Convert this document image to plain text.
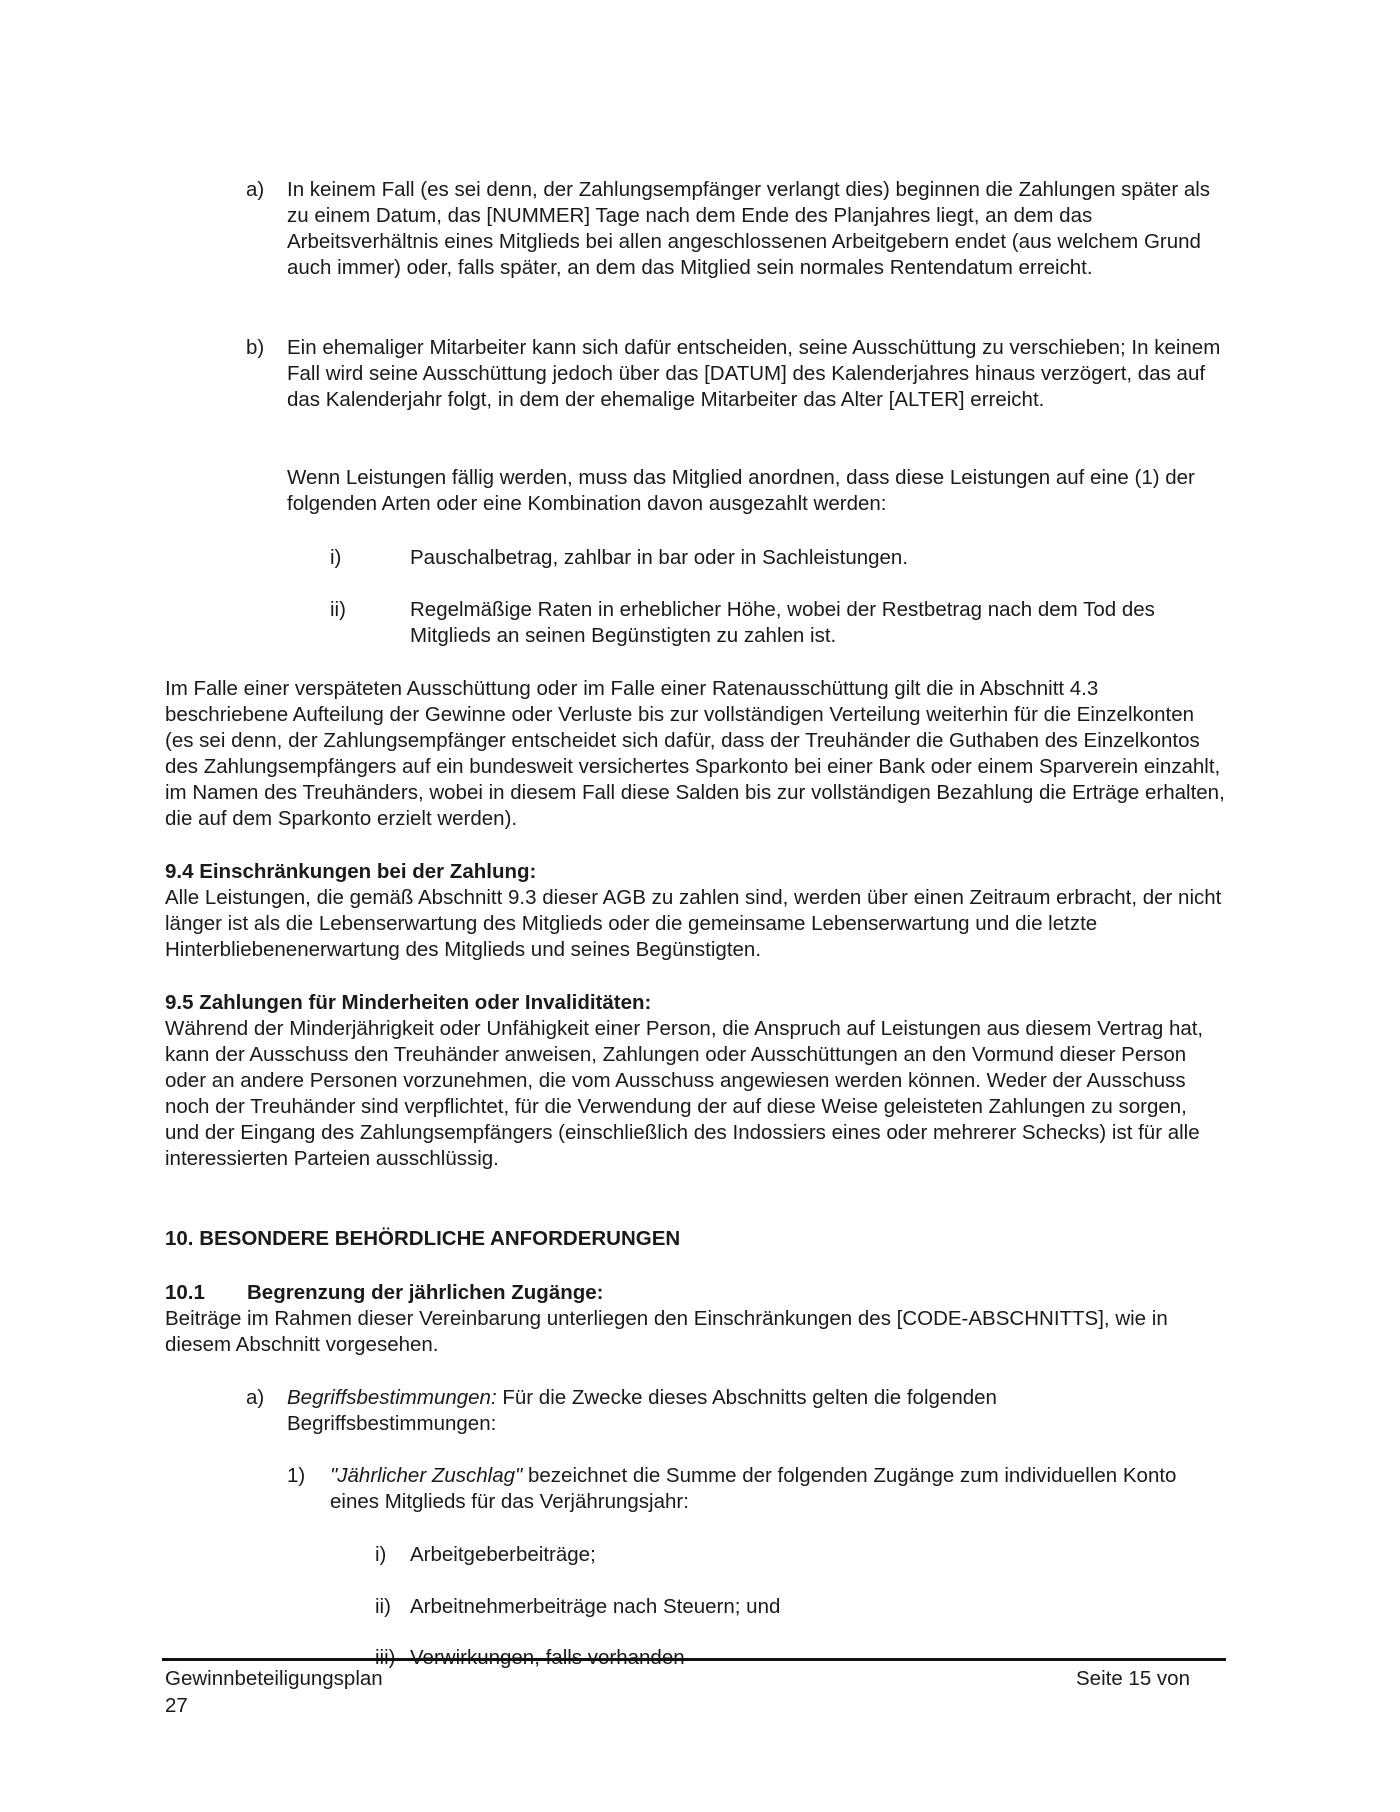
a) In keinem Fall (es sei denn, der Zahlungsempfänger verlangt dies) beginnen die Zahlungen später als zu einem Datum, das [NUMMER] Tage nach dem Ende des Planjahres liegt, an dem das Arbeitsverhältnis eines Mitglieds bei allen angeschlossenen Arbeitgebern endet (aus welchem Grund auch immer) oder, falls später, an dem das Mitglied sein normales Rentendatum erreicht.

b) Ein ehemaliger Mitarbeiter kann sich dafür entscheiden, seine Ausschüttung zu verschieben; In keinem Fall wird seine Ausschüttung jedoch über das [DATUM] des Kalenderjahres hinaus verzögert, das auf das Kalenderjahr folgt, in dem der ehemalige Mitarbeiter das Alter [ALTER] erreicht.

Wenn Leistungen fällig werden, muss das Mitglied anordnen, dass diese Leistungen auf eine (1) der folgenden Arten oder eine Kombination davon ausgezahlt werden:

i)	Pauschalbetrag, zahlbar in bar oder in Sachleistungen.

ii)	Regelmäßige Raten in erheblicher Höhe, wobei der Restbetrag nach dem Tod des Mitglieds an seinen Begünstigten zu zahlen ist.

Im Falle einer verspäteten Ausschüttung oder im Falle einer Ratenausschüttung gilt die in Abschnitt 4.3 beschriebene Aufteilung der Gewinne oder Verluste bis zur vollständigen Verteilung weiterhin für die Einzelkonten (es sei denn, der Zahlungsempfänger entscheidet sich dafür, dass der Treuhänder die Guthaben des Einzelkontos des Zahlungsempfängers auf ein bundesweit versichertes Sparkonto bei einer Bank oder einem Sparverein einzahlt, im Namen des Treuhänders, wobei in diesem Fall diese Salden bis zur vollständigen Bezahlung die Erträge erhalten, die auf dem Sparkonto erzielt werden).

9.4 Einschränkungen bei der Zahlung:

Alle Leistungen, die gemäß Abschnitt 9.3 dieser AGB zu zahlen sind, werden über einen Zeitraum erbracht, der nicht länger ist als die Lebenserwartung des Mitglieds oder die gemeinsame Lebenserwartung und die letzte Hinterbliebenenerwartung des Mitglieds und seines Begünstigten.

9.5 Zahlungen für Minderheiten oder Invaliditäten:

Während der Minderjährigkeit oder Unfähigkeit einer Person, die Anspruch auf Leistungen aus diesem Vertrag hat, kann der Ausschuss den Treuhänder anweisen, Zahlungen oder Ausschüttungen an den Vormund dieser Person oder an andere Personen vorzunehmen, die vom Ausschuss angewiesen werden können. Weder der Ausschuss noch der Treuhänder sind verpflichtet, für die Verwendung der auf diese Weise geleisteten Zahlungen zu sorgen, und der Eingang des Zahlungsempfängers (einschließlich des Indossiers eines oder mehrerer Schecks) ist für alle interessierten Parteien ausschlüssig.

10. BESONDERE BEHÖRDLICHE ANFORDERUNGEN
10.1 Begrenzung der jährlichen Zugänge:

Beiträge im Rahmen dieser Vereinbarung unterliegen den Einschränkungen des [CODE-ABSCHNITTS], wie in diesem Abschnitt vorgesehen.

a) Begriffsbestimmungen: Für die Zwecke dieses Abschnitts gelten die folgenden Begriffsbestimmungen:

1) "Jährlicher Zuschlag" bezeichnet die Summe der folgenden Zugänge zum individuellen Konto eines Mitglieds für das Verjährungsjahr:

i) Arbeitgeberbeiträge;

ii) Arbeitnehmerbeiträge nach Steuern; und

Gewinnbeteiligungsplan	Seite 15 von
27
